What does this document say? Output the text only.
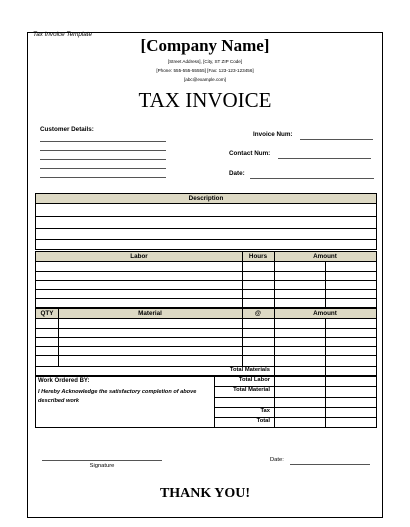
Tax Invoice Template
[Company Name]
[Street Address], [City, ST ZIP Code]
[Phone: 555-555-55555] [Fax: 123-123-123456]
[abc@example.com]
TAX INVOICE
Customer Details:
Invoice Num:
Contact Num:
Date:
Description
Labor	Hours	Amount
QTY	Material	@	Amount
Total Materials
Work Ordered BY:
I Hereby Acknowledge the satisfactory completion of above described work
Total Labor
Total Material
Tax
Total
Signature
Date:
THANK YOU!
